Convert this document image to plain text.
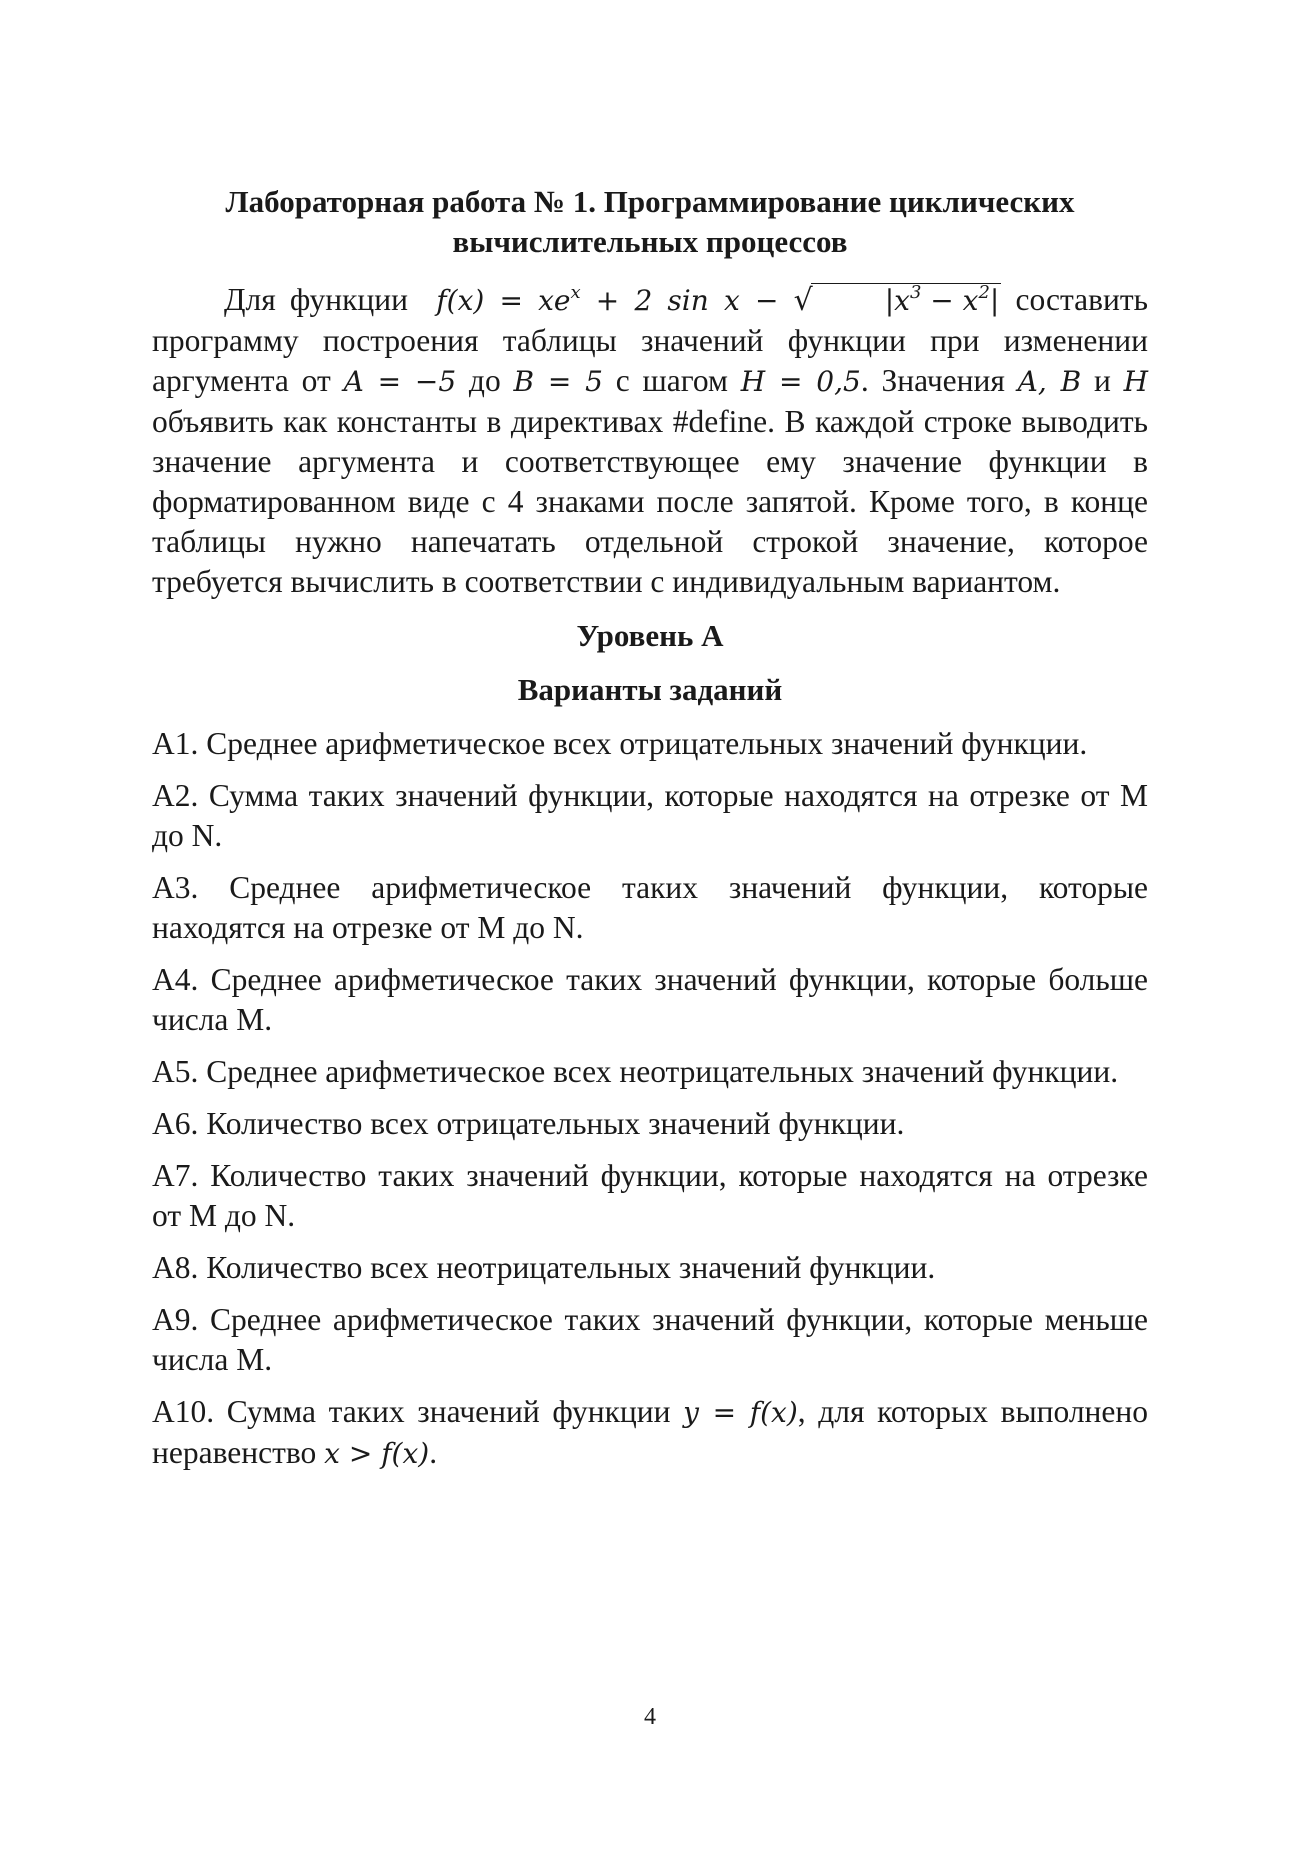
Лабораторная работа № 1. Программирование циклических
вычислительных процессов

Для функции $f(x) = xe^x + 2$ sin x − √	$|x^3 - x^2|$ составить программу построения таблицы значений функции при изменении аргумента от A = −5 до B = 5 с шагом H = 0,5. Значения A, B и H объявить как константы в директивах #define. В каждой строке выводить значение аргумента и соответствующее ему значение функции в форматированном виде с 4 знаками после запятой. Кроме того, в конце таблицы нужно напечатать отдельной строкой значение, которое требуется вычислить в соответствии с индивидуальным вариантом.

Уровень А
Варианты заданий

А1. Среднее арифметическое всех отрицательных значений функции.

А2. Сумма таких значений функции, которые находятся на отрезке от M до N.

А3. Среднее арифметическое таких значений функции, которые находятся на отрезке от M до N.

А4. Среднее арифметическое таких значений функции, которые больше числа M.

А5. Среднее арифметическое всех неотрицательных значений функции.

А6. Количество всех отрицательных значений функции.

А7. Количество таких значений функции, которые находятся на отрезке от M до N.

А8. Количество всех неотрицательных значений функции.

А9. Среднее арифметическое таких значений функции, которые меньше числа M.

А10. Сумма таких значений функции y = f(x), для которых выполнено неравенство x > f(x).

4
